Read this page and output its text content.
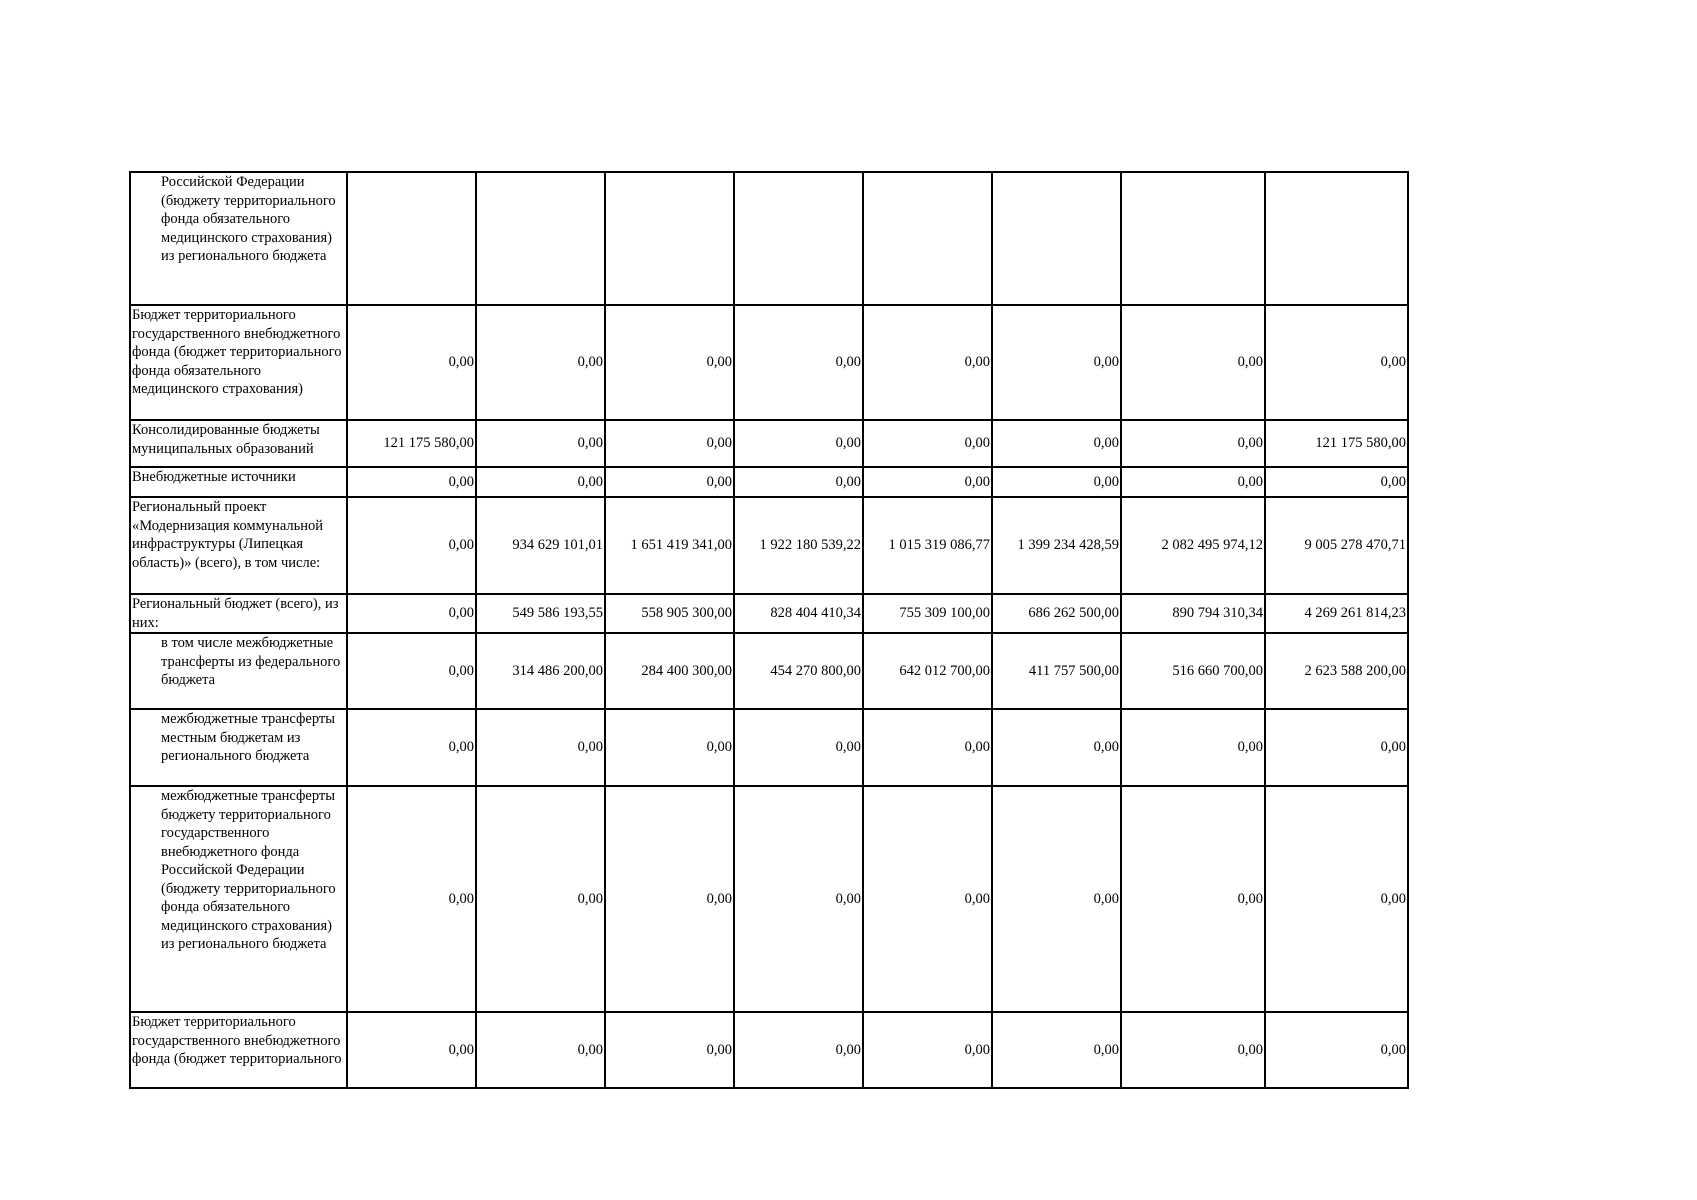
Российской Федерации (бюджету территориального фонда обязательного медицинского страхования) из регионального бюджета								

Бюджет территориального государственного внебюджетного фонда (бюджет территориального фонда обязательного медицинского страхования)	0,00	0,00	0,00	0,00	0,00	0,00	0,00	0,00

Консолидированные бюджеты муниципальных образований	121 175 580,00	0,00	0,00	0,00	0,00	0,00	0,00	121 175 580,00

Внебюджетные источники	0,00	0,00	0,00	0,00	0,00	0,00	0,00	0,00

Региональный проект «Модернизация коммунальной инфраструктуры (Липецкая область)» (всего), в том числе:	0,00	934 629 101,01	1 651 419 341,00	1 922 180 539,22	1 015 319 086,77	1 399 234 428,59	2 082 495 974,12	9 005 278 470,71

Региональный бюджет (всего), из них:	0,00	549 586 193,55	558 905 300,00	828 404 410,34	755 309 100,00	686 262 500,00	890 794 310,34	4 269 261 814,23

в том числе межбюджетные трансферты из федерального бюджета	0,00	314 486 200,00	284 400 300,00	454 270 800,00	642 012 700,00	411 757 500,00	516 660 700,00	2 623 588 200,00

межбюджетные трансферты местным бюджетам из регионального бюджета	0,00	0,00	0,00	0,00	0,00	0,00	0,00	0,00

межбюджетные трансферты бюджету территориального государственного внебюджетного фонда Российской Федерации (бюджету территориального фонда обязательного медицинского страхования) из регионального бюджета	0,00	0,00	0,00	0,00	0,00	0,00	0,00	0,00

Бюджет территориального государственного внебюджетного фонда (бюджет территориального	0,00	0,00	0,00	0,00	0,00	0,00	0,00	0,00
